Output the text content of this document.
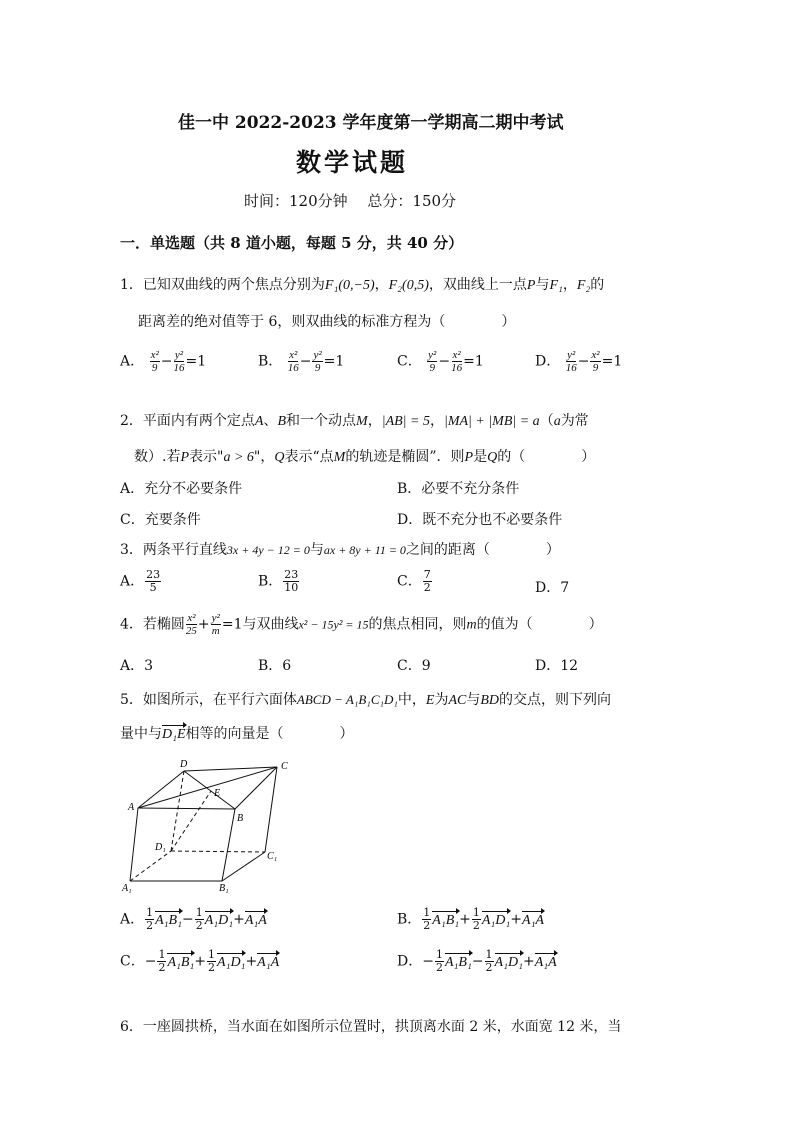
佳一中 2022-2023 学年度第一学期高二期中考试
数学试题
时间：120分钟　 总分：150分
一．单选题（共 8 道小题，每题 5 分，共 40 分）
1．已知双曲线的两个焦点分别为F₁(0,−5)，F₂(0,5)，双曲线上一点P与F₁，F₂的
距离差的绝对值等于 6，则双曲线的标准方程为（　　　　）
A． $\frac{\text{x²}}{9} - \frac{\text{y²}}{16} =1$	B． $\frac{\text{x²}}{16} - \frac{\text{y²}}{9} =1$	C． $\frac{\text{y²}}{9} - \frac{\text{x²}}{16} =1$	D． $\frac{\text{y²}}{16} - \frac{\text{x²}}{9} =1$
2．平面内有两个定点A、B和一个动点M，|AB| = 5，|MA| + |MB| = a（a为常
数）.若P表示"a > 6"，Q表示“点M的轨迹是椭圆”．则P是Q的（　　　　）
A．充分不必要条件	B．必要不充分条件
C．充要条件	D．既不充分也不必要条件
3．两条平行直线3x + 4y − 12 = 0与ax + 8y + 11 = 0之间的距离（　　　　）
A． $\frac{23}{5}$	B． $\frac{23}{10}$	C． $\frac{7}{2}$	D．7
4．若椭圆 $\frac{\text{x²}}{25} + \frac{\text{y²}}{m} =1$与双曲线x² − 15y² = 15的焦点相同，则m的值为（　　　　）
A．3	B．6	C．9	D．12
5．如图所示，在平行六面体ABCD − A₁B₁C₁D₁中，E为AC与BD的交点，则下列向
量中与D₁E相等的向量是（　　　　）
D	C
A
B
E
D₁
C₁
A₁	B₁
A． $\frac{1}{2} A_1B_1- \frac{1}{2} A_1D_1+A_1A$	B． $\frac{1}{2} A_1B_1+ \frac{1}{2} A_1D_1+A_1A$
C．− $\frac{1}{2} A_1B_1+ \frac{1}{2} A_1D_1+A_1A$	D．− $\frac{1}{2} A_1B_1- \frac{1}{2} A_1D_1+A_1A$
6．一座圆拱桥，当水面在如图所示位置时，拱顶离水面 2 米，水面宽 12 米，当
